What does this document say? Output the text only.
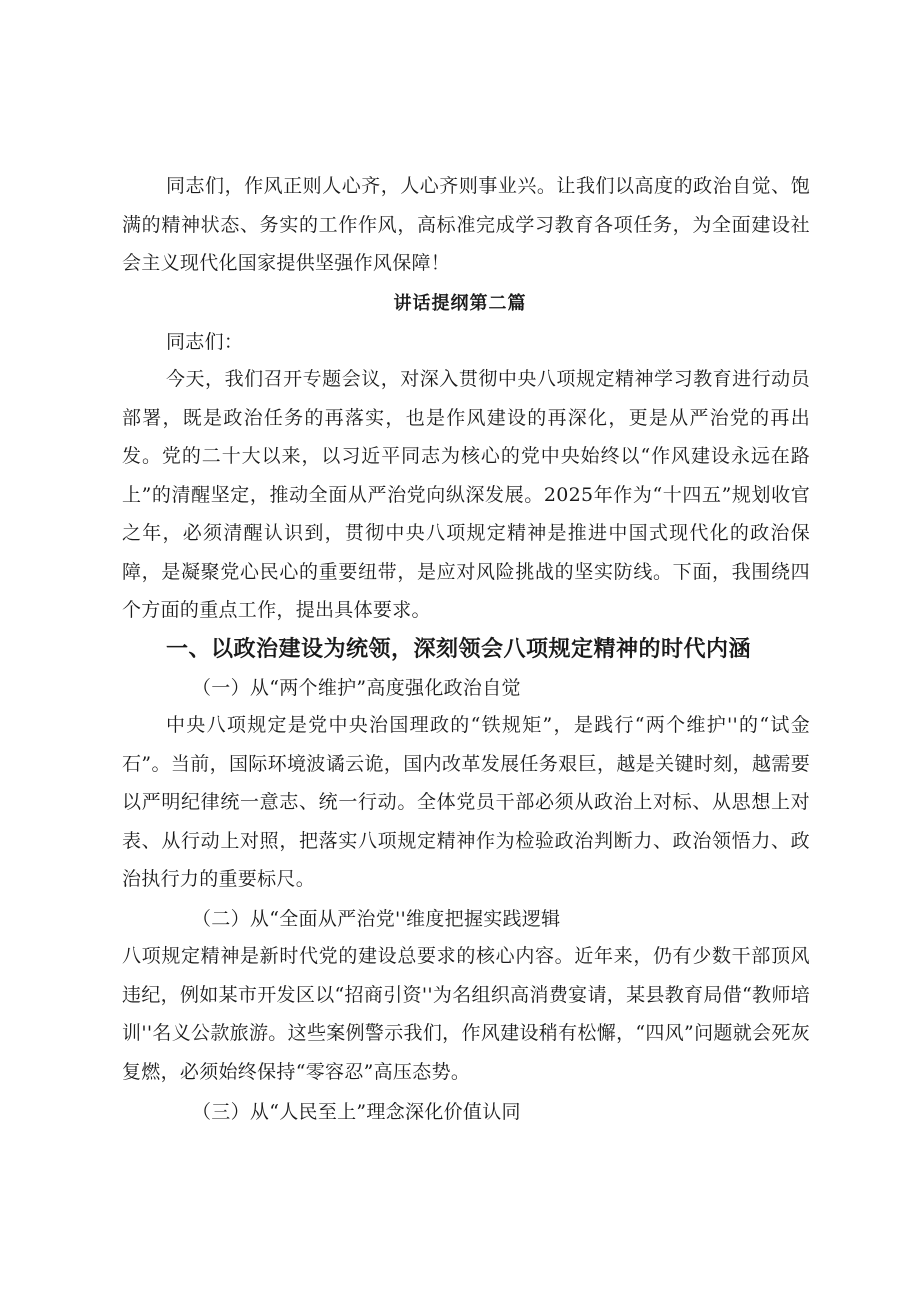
同志们，作风正则人心齐，人心齐则事业兴。让我们以高度的政治自觉、饱满的精神状态、务实的工作作风，高标准完成学习教育各项任务，为全面建设社会主义现代化国家提供坚强作风保障！

讲话提纲第二篇

同志们：

今天，我们召开专题会议，对深入贯彻中央八项规定精神学习教育进行动员部署，既是政治任务的再落实，也是作风建设的再深化，更是从严治党的再出发。党的二十大以来，以习近平同志为核心的党中央始终以“作风建设永远在路上”的清醒坚定，推动全面从严治党向纵深发展。2025年作为“十四五”规划收官之年，必须清醒认识到，贯彻中央八项规定精神是推进中国式现代化的政治保障，是凝聚党心民心的重要纽带，是应对风险挑战的坚实防线。下面，我围绕四个方面的重点工作，提出具体要求。

一、以政治建设为统领，深刻领会八项规定精神的时代内涵

（一）从“两个维护”高度强化政治自觉

中央八项规定是党中央治国理政的“铁规矩”，是践行“两个维护''的“试金石”。当前，国际环境波谲云诡，国内改革发展任务艰巨，越是关键时刻，越需要以严明纪律统一意志、统一行动。全体党员干部必须从政治上对标、从思想上对表、从行动上对照，把落实八项规定精神作为检验政治判断力、政治领悟力、政治执行力的重要标尺。

（二）从“全面从严治党''维度把握实践逻辑

八项规定精神是新时代党的建设总要求的核心内容。近年来，仍有少数干部顶风违纪，例如某市开发区以“招商引资''为名组织高消费宴请，某县教育局借“教师培训''名义公款旅游。这些案例警示我们，作风建设稍有松懈，“四风”问题就会死灰复燃，必须始终保持“零容忍”高压态势。

（三）从“人民至上”理念深化价值认同
